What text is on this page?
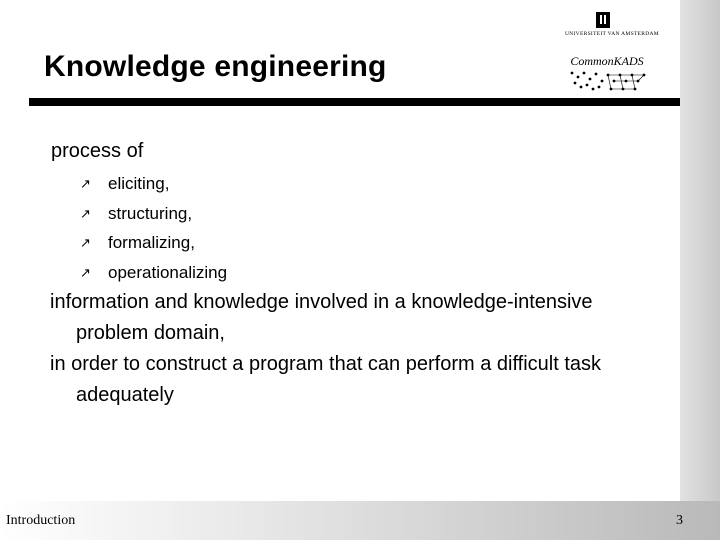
UNIVERSITEIT VAN AMSTERDAM
CommonKADS
Knowledge engineering
process of
↗ eliciting,
↗ structuring,
↗ formalizing,
↗ operationalizing

information and knowledge involved in a knowledge-intensive problem domain,

in order to construct a program that can perform a difficult task adequately

Introduction	3
